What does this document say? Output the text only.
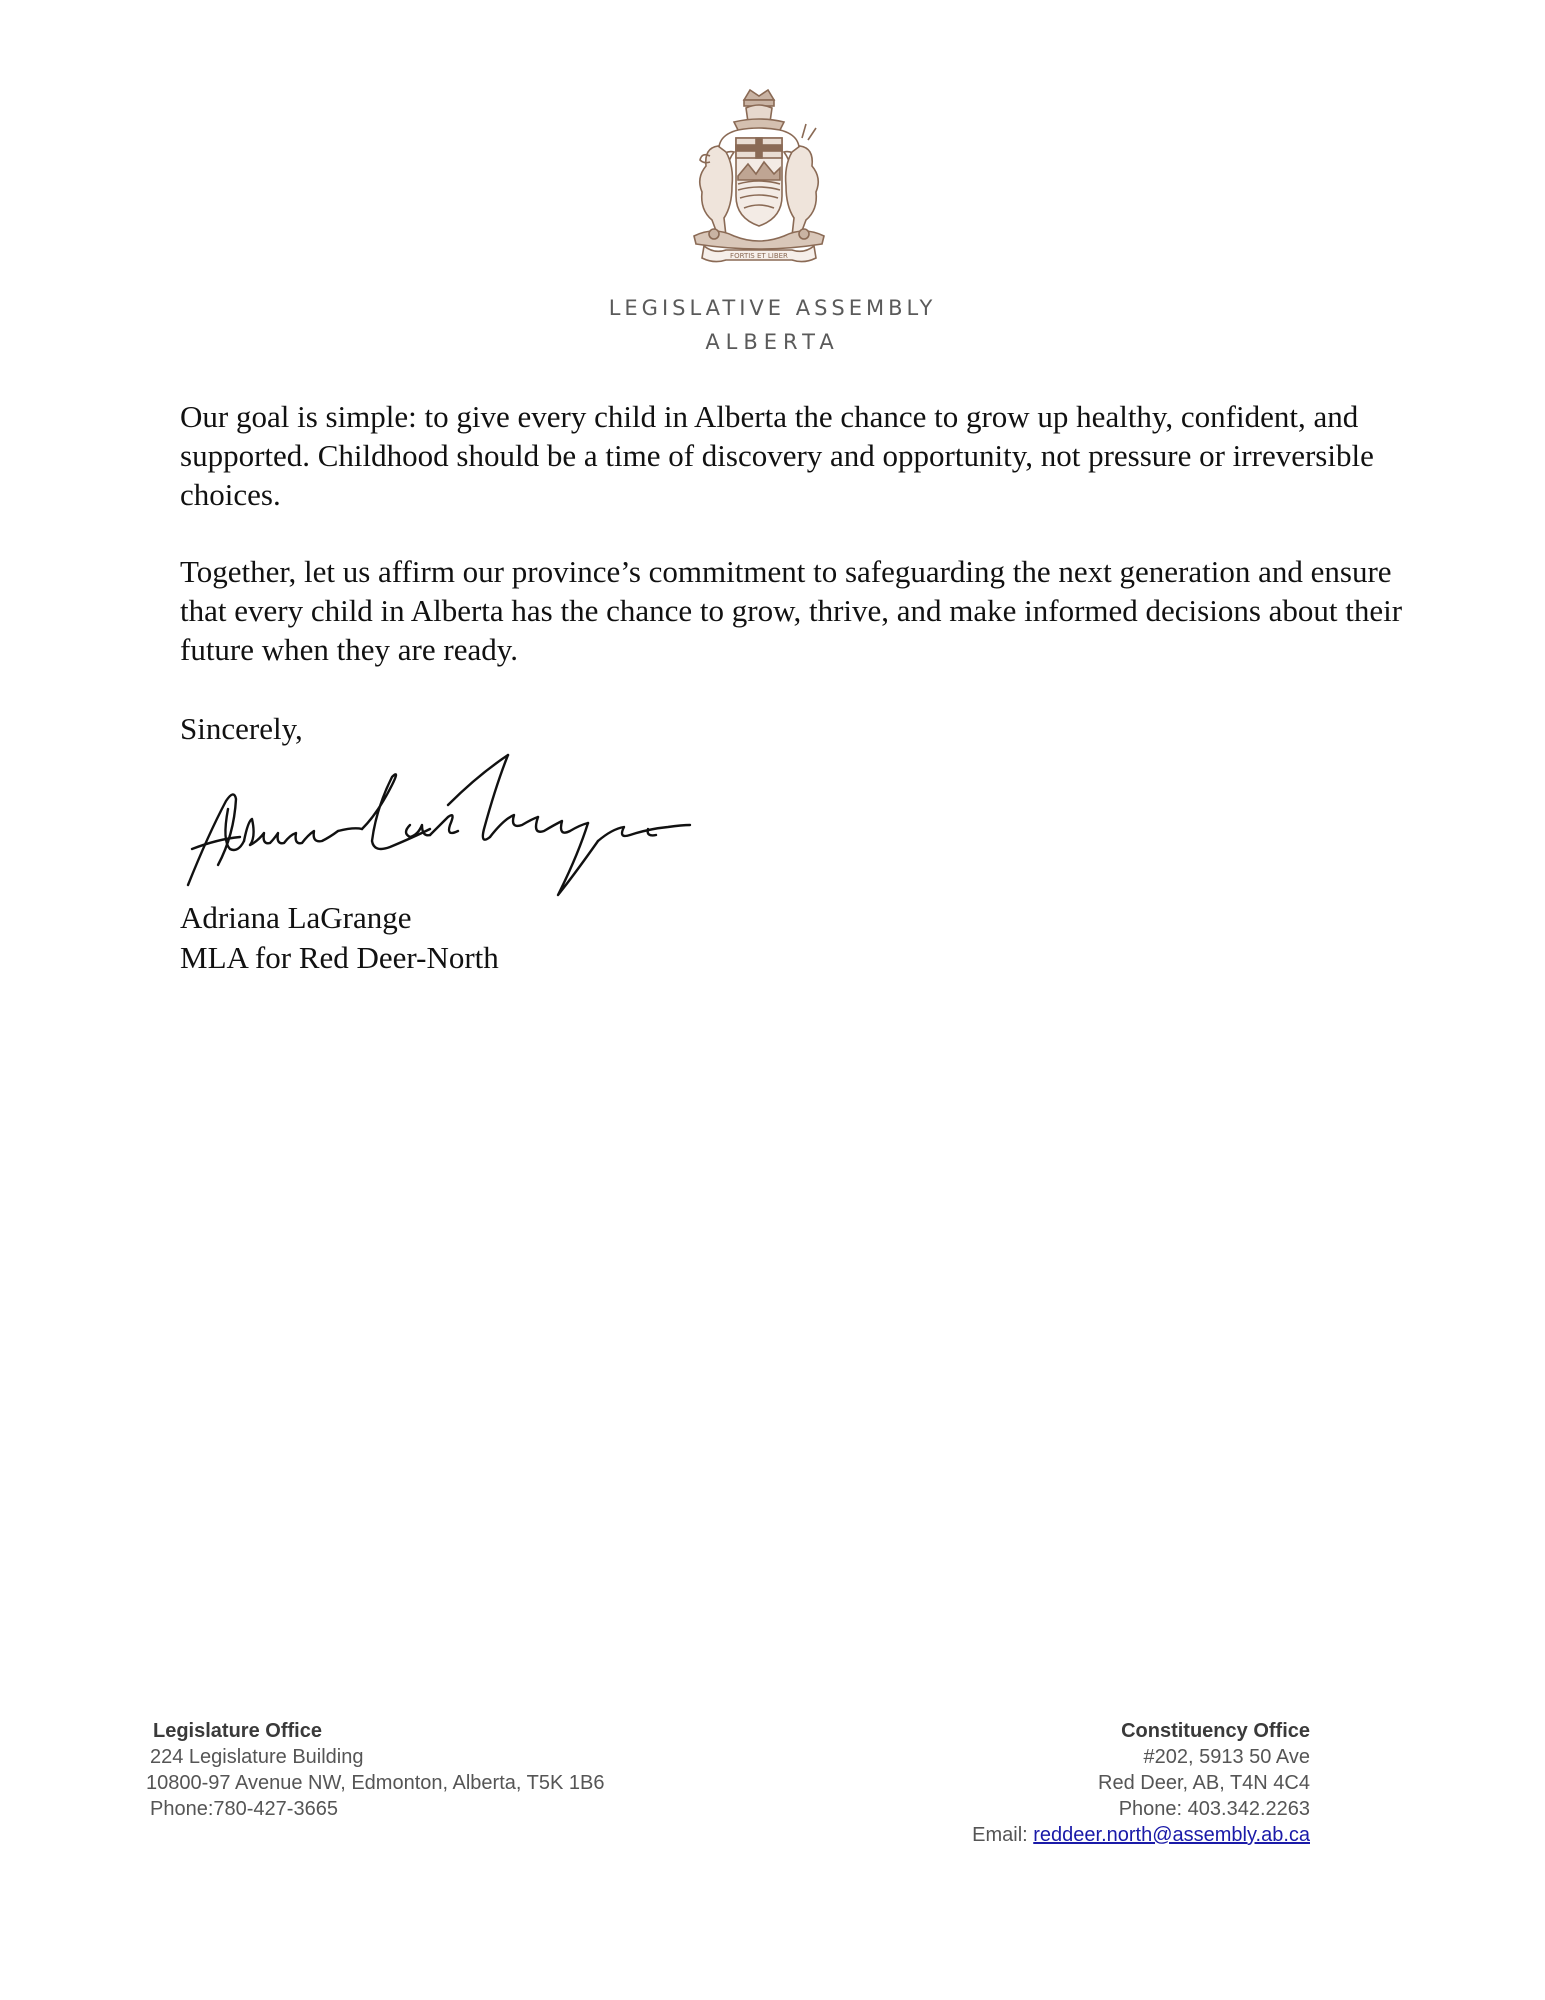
FORTIS ET LIBER
LEGISLATIVE ASSEMBLY
ALBERTA

Our goal is simple: to give every child in Alberta the chance to grow up healthy, confident, and supported. Childhood should be a time of discovery and opportunity, not pressure or irreversible choices.

Together, let us affirm our province’s commitment to safeguarding the next generation and ensure that every child in Alberta has the chance to grow, thrive, and make informed decisions about their future when they are ready.

Sincerely,

Adriana LaGrange
MLA for Red Deer-North
Legislature Office
224 Legislature Building
10800-97 Avenue NW, Edmonton, Alberta, T5K 1B6
Phone:780-427-3665
Constituency Office
#202, 5913 50 Ave
Red Deer, AB, T4N 4C4
Phone: 403.342.2263
Email: reddeer.north@assembly.ab.ca
